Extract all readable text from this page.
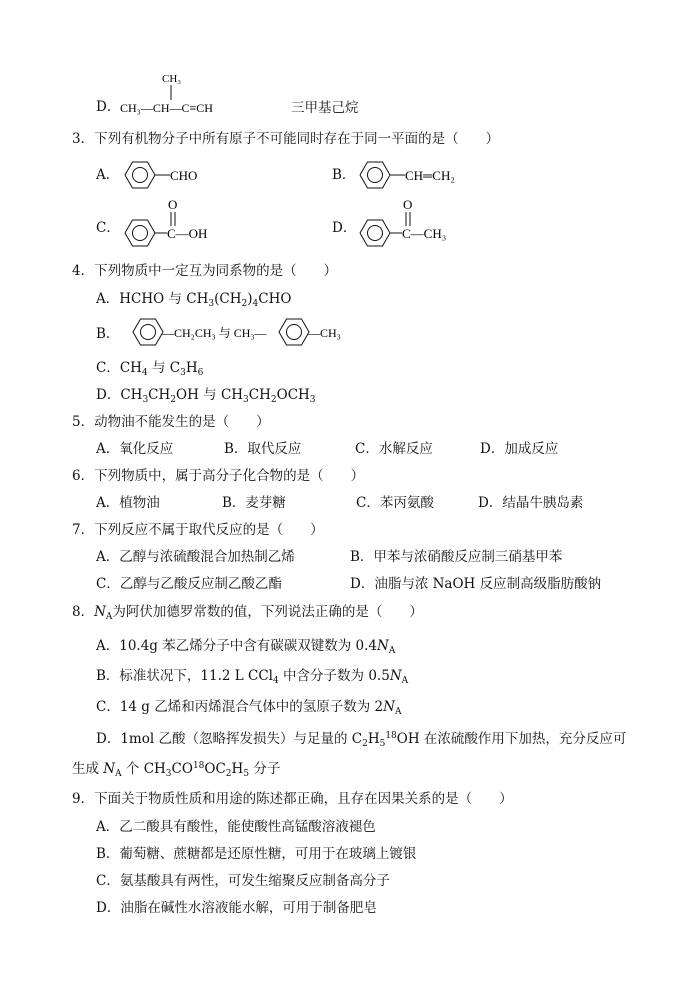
D．
CH₃
CH₃—CH—C≡CH	三甲基己烷
3．下列有机物分子中所有原子不可能同时存在于同一平面的是（　　）
A．	CHO	B．	CH═CH₂
C．
O
C—OH	D．
O
C—CH₃
4．下列物质中一定互为同系物的是（　　）
A．HCHO 与 $CH_3(CH_2)_4CHO$
B．	—CH₂CH₃ 与 CH₃—	—CH₃
C．$CH_4$ 与 $C_3H_6$
D．$CH_3CH_2OH$ 与 $CH_3CH_2OCH_3$
5．动物油不能发生的是（　　）
A．氧化反应	B．取代反应	C．水解反应	D．加成反应
6．下列物质中，属于高分子化合物的是（　　）
A．植物油	B．麦芽糖	C．苯丙氨酸	D．结晶牛胰岛素
7．下列反应不属于取代反应的是（　　）
A．乙醇与浓硫酸混合加热制乙烯	B．甲苯与浓硝酸反应制三硝基甲苯
C．乙醇与乙酸反应制乙酸乙酯	D．油脂与浓 NaOH 反应制高级脂肪酸钠
8．$N_A$为阿伏加德罗常数的值，下列说法正确的是（　　）
A．10.4g 苯乙烯分子中含有碳碳双键数为 $0.4N_A$
B．标准状况下，11.2 L CCl$_4$ 中含分子数为 $0.5N_A$
C．14 g 乙烯和丙烯混合气体中的氢原子数为 $2N_A$
D．1mol 乙酸（忽略挥发损失）与足量的 $C_2H_5^{18}OH$ 在浓硫酸作用下加热，充分反应可
生成 $N_A$ 个 $CH_3CO^{18}OC_2H_5$ 分子
9．下面关于物质性质和用途的陈述都正确，且存在因果关系的是（　　）
A．乙二酸具有酸性，能使酸性高锰酸溶液褪色
B．葡萄糖、蔗糖都是还原性糖，可用于在玻璃上镀银
C．氨基酸具有两性，可发生缩聚反应制备高分子
D．油脂在碱性水溶液能水解，可用于制备肥皂
